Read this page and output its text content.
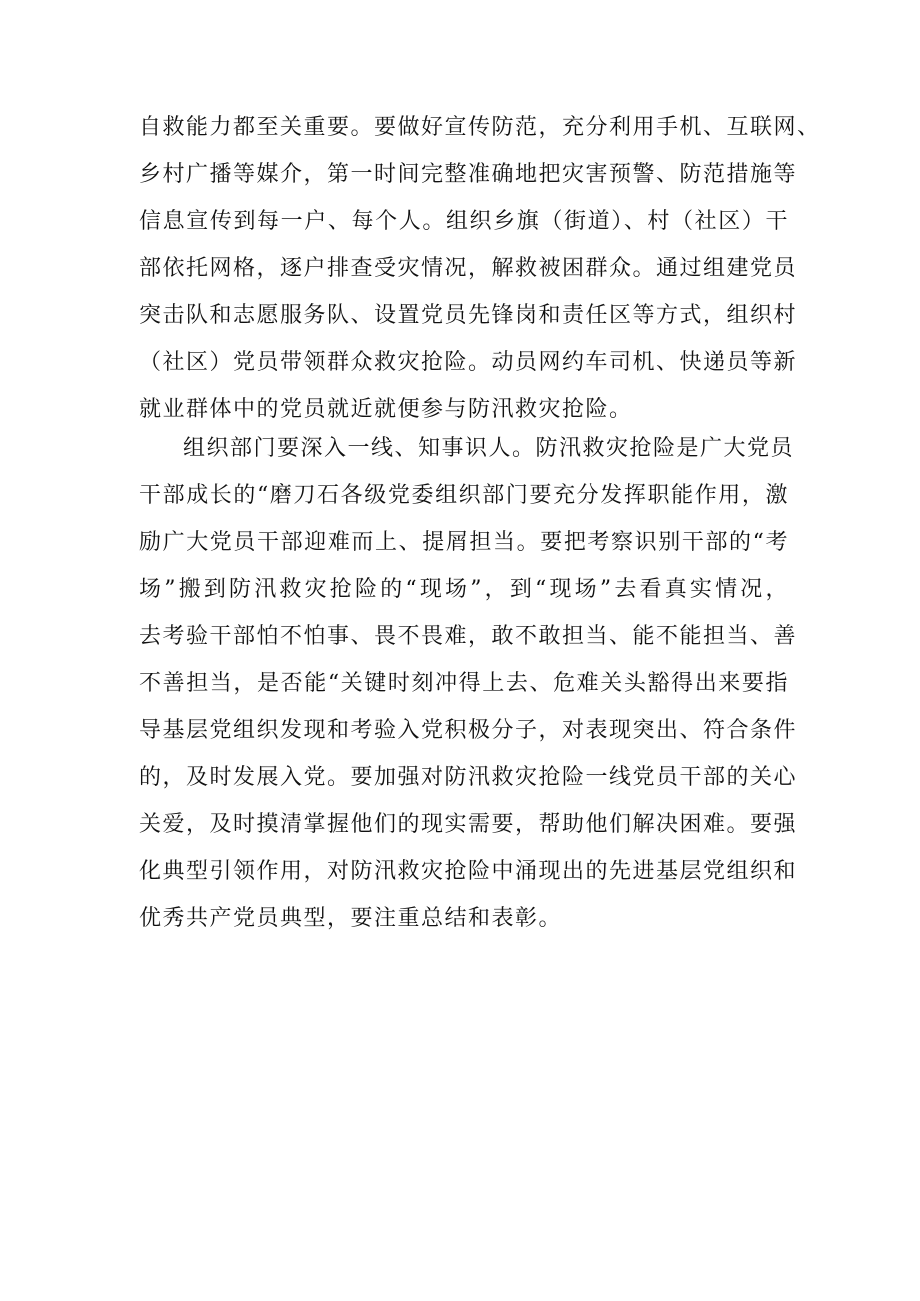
自救能力都至关重要。要做好宣传防范，充分利用手机、互联网、
乡村广播等媒介，第一时间完整准确地把灾害预警、防范措施等
信息宣传到每一户、每个人。组织乡旗（街道）、村（社区）干
部依托网格，逐户排查受灾情况，解救被困群众。通过组建党员
突击队和志愿服务队、设置党员先锋岗和责任区等方式，组织村
（社区）党员带领群众救灾抢险。动员网约车司机、快递员等新
就业群体中的党员就近就便参与防汛救灾抢险。
组织部门要深入一线、知事识人。防汛救灾抢险是广大党员
干部成长的“磨刀石各级党委组织部门要充分发挥职能作用，激
励广大党员干部迎难而上、提屑担当。要把考察识别干部的“考
场”搬到防汛救灾抢险的“现场”，到“现场”去看真实情况，
去考验干部怕不怕事、畏不畏难，敢不敢担当、能不能担当、善
不善担当，是否能“关键时刻冲得上去、危难关头豁得出来要指
导基层党组织发现和考验入党积极分子，对表现突出、符合条件
的，及时发展入党。要加强对防汛救灾抢险一线党员干部的关心
关爱，及时摸清掌握他们的现实需要，帮助他们解决困难。要强
化典型引领作用，对防汛救灾抢险中涌现出的先进基层党组织和
优秀共产党员典型，要注重总结和表彰。
